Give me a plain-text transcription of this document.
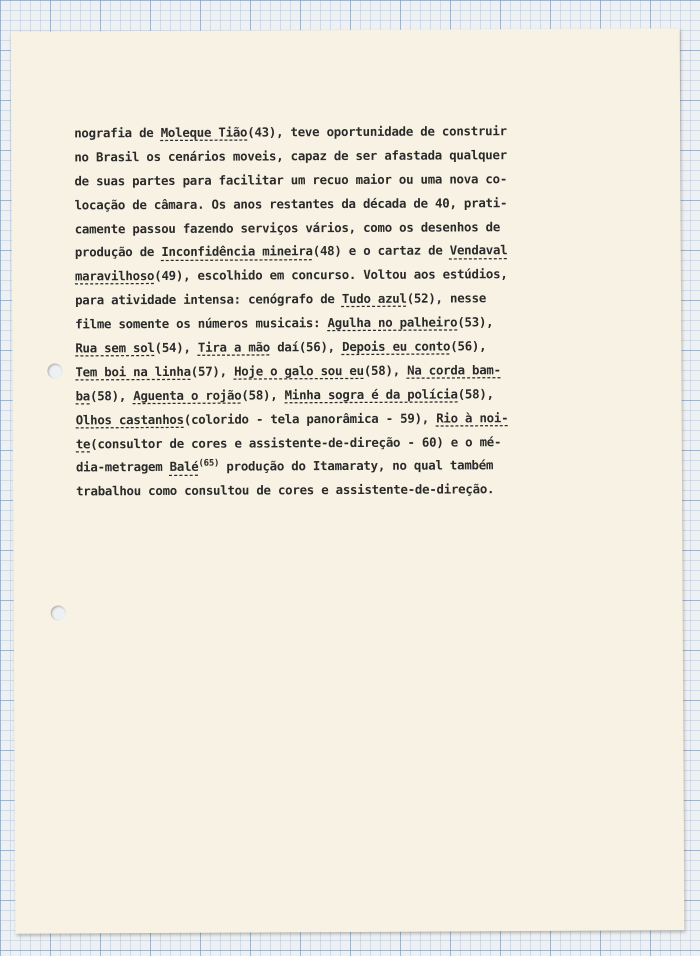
nografia de Moleque Tião(43), teve oportunidade de construir
no Brasil os cenários moveis, capaz de ser afastada qualquer
de suas partes para facilitar um recuo maior ou uma nova co-
locação de câmara. Os anos restantes da década de 40, prati-
camente passou fazendo serviços vários, como os desenhos de
produção de Inconfidência mineira(48) e o cartaz de Vendaval
maravilhoso(49), escolhido em concurso. Voltou aos estúdios,
para atividade intensa: cenógrafo de Tudo azul(52), nesse
filme somente os números musicais: Agulha no palheiro(53),
Rua sem sol(54), Tira a mão daí(56), Depois eu conto(56),
Tem boi na linha(57), Hoje o galo sou eu(58), Na corda bam-
ba(58), Aguenta o rojão(58), Minha sogra é da polícia(58),
Olhos castanhos(colorido - tela panorâmica - 59), Rio à noi-
te(consultor de cores e assistente-de-direção - 60) e o mé-
dia-metragem Balé$^{(65)}$ produção do Itamaraty, no qual também
trabalhou como consultou de cores e assistente-de-direção.
